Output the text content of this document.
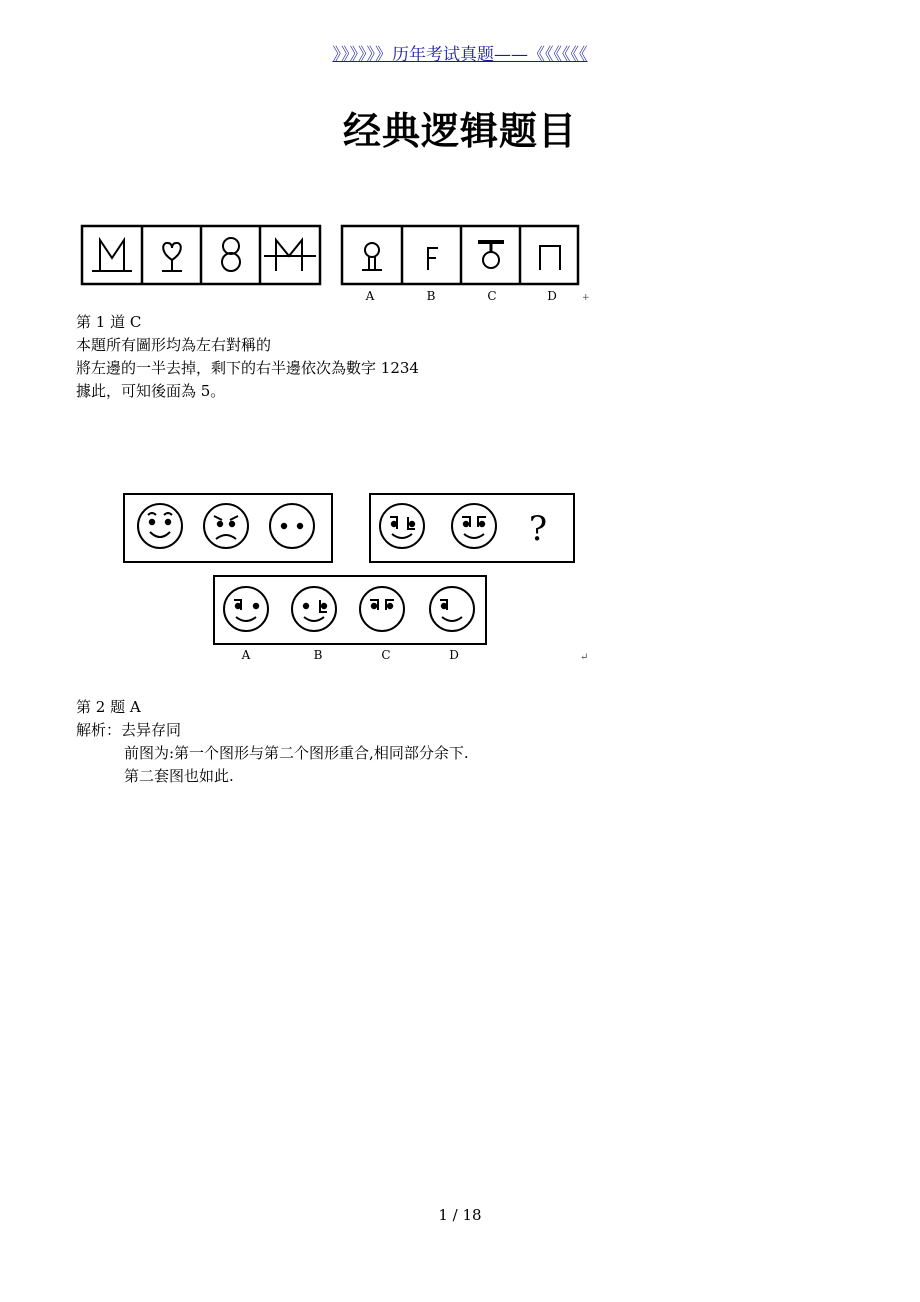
》》》》》》历年考试真题——《《《《《《
经典逻辑题目
A	B	C	D	+
第 1 道 C
本題所有圖形均為左右對稱的
將左邊的一半去掉，剩下的右半邊依次為數字 1234
據此，可知後面為 5。
?
A	B	C	D	↵
第 2 题 A
解析：去异存同
前图为:第一个图形与第二个图形重合,相同部分余下.
第二套图也如此.
1 / 18
